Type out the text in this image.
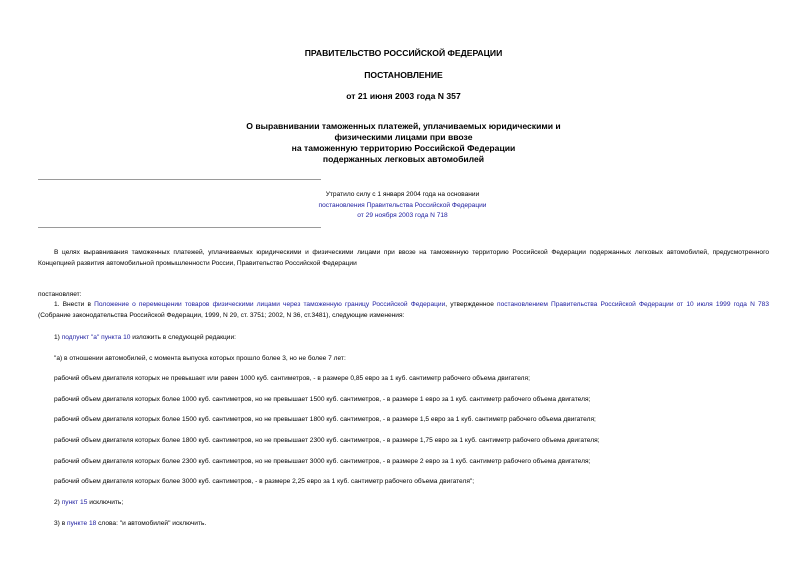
ПРАВИТЕЛЬСТВО РОССИЙСКОЙ ФЕДЕРАЦИИ
ПОСТАНОВЛЕНИЕ
от 21 июня 2003 года N 357
О выравнивании таможенных платежей, уплачиваемых юридическими и
физическими лицами при ввозе
на таможенную территорию Российской Федерации
подержанных легковых автомобилей
Утратило силу с 1 января 2004 года на основании
постановления Правительства Российской Федерации
от 29 ноября 2003 года N 718
В целях выравнивания таможенных платежей, уплачиваемых юридическими и физическими лицами при ввозе на таможенную территорию Российской Федерации подержанных легковых автомобилей, предусмотренного Концепцией развития автомобильной промышленности России, Правительство Российской Федерации
постановляет:
1. Внести в Положение о перемещении товаров физическими лицами через таможенную границу Российской Федерации, утвержденное постановлением Правительства Российской Федерации от 10 июля 1999 года N 783 (Собрание законодательства Российской Федерации, 1999, N 29, ст. 3751; 2002, N 36, ст.3481), следующие изменения:
1) подпункт "а" пункта 10 изложить в следующей редакции:
"а) в отношении автомобилей, с момента выпуска которых прошло более 3, но не более 7 лет:
рабочий объем двигателя которых не превышает или равен 1000 куб. сантиметров, - в размере 0,85 евро за 1 куб. сантиметр рабочего объема двигателя;
рабочий объем двигателя которых более 1000 куб. сантиметров, но не превышает 1500 куб. сантиметров, - в размере 1 евро за 1 куб. сантиметр рабочего объема двигателя;
рабочий объем двигателя которых более 1500 куб. сантиметров, но не превышает 1800 куб. сантиметров, - в размере 1,5 евро за 1 куб. сантиметр рабочего объема двигателя;
рабочий объем двигателя которых более 1800 куб. сантиметров, но не превышает 2300 куб. сантиметров, - в размере 1,75 евро за 1 куб. сантиметр рабочего объема двигателя;
рабочий объем двигателя которых более 2300 куб. сантиметров, но не превышает 3000 куб. сантиметров, - в размере 2 евро за 1 куб. сантиметр рабочего объема двигателя;
рабочий объем двигателя которых более 3000 куб. сантиметров, - в размере 2,25 евро за 1 куб. сантиметр рабочего объема двигателя";
2) пункт 15 исключить;
3) в пункте 18 слова: "и автомобилей" исключить.
